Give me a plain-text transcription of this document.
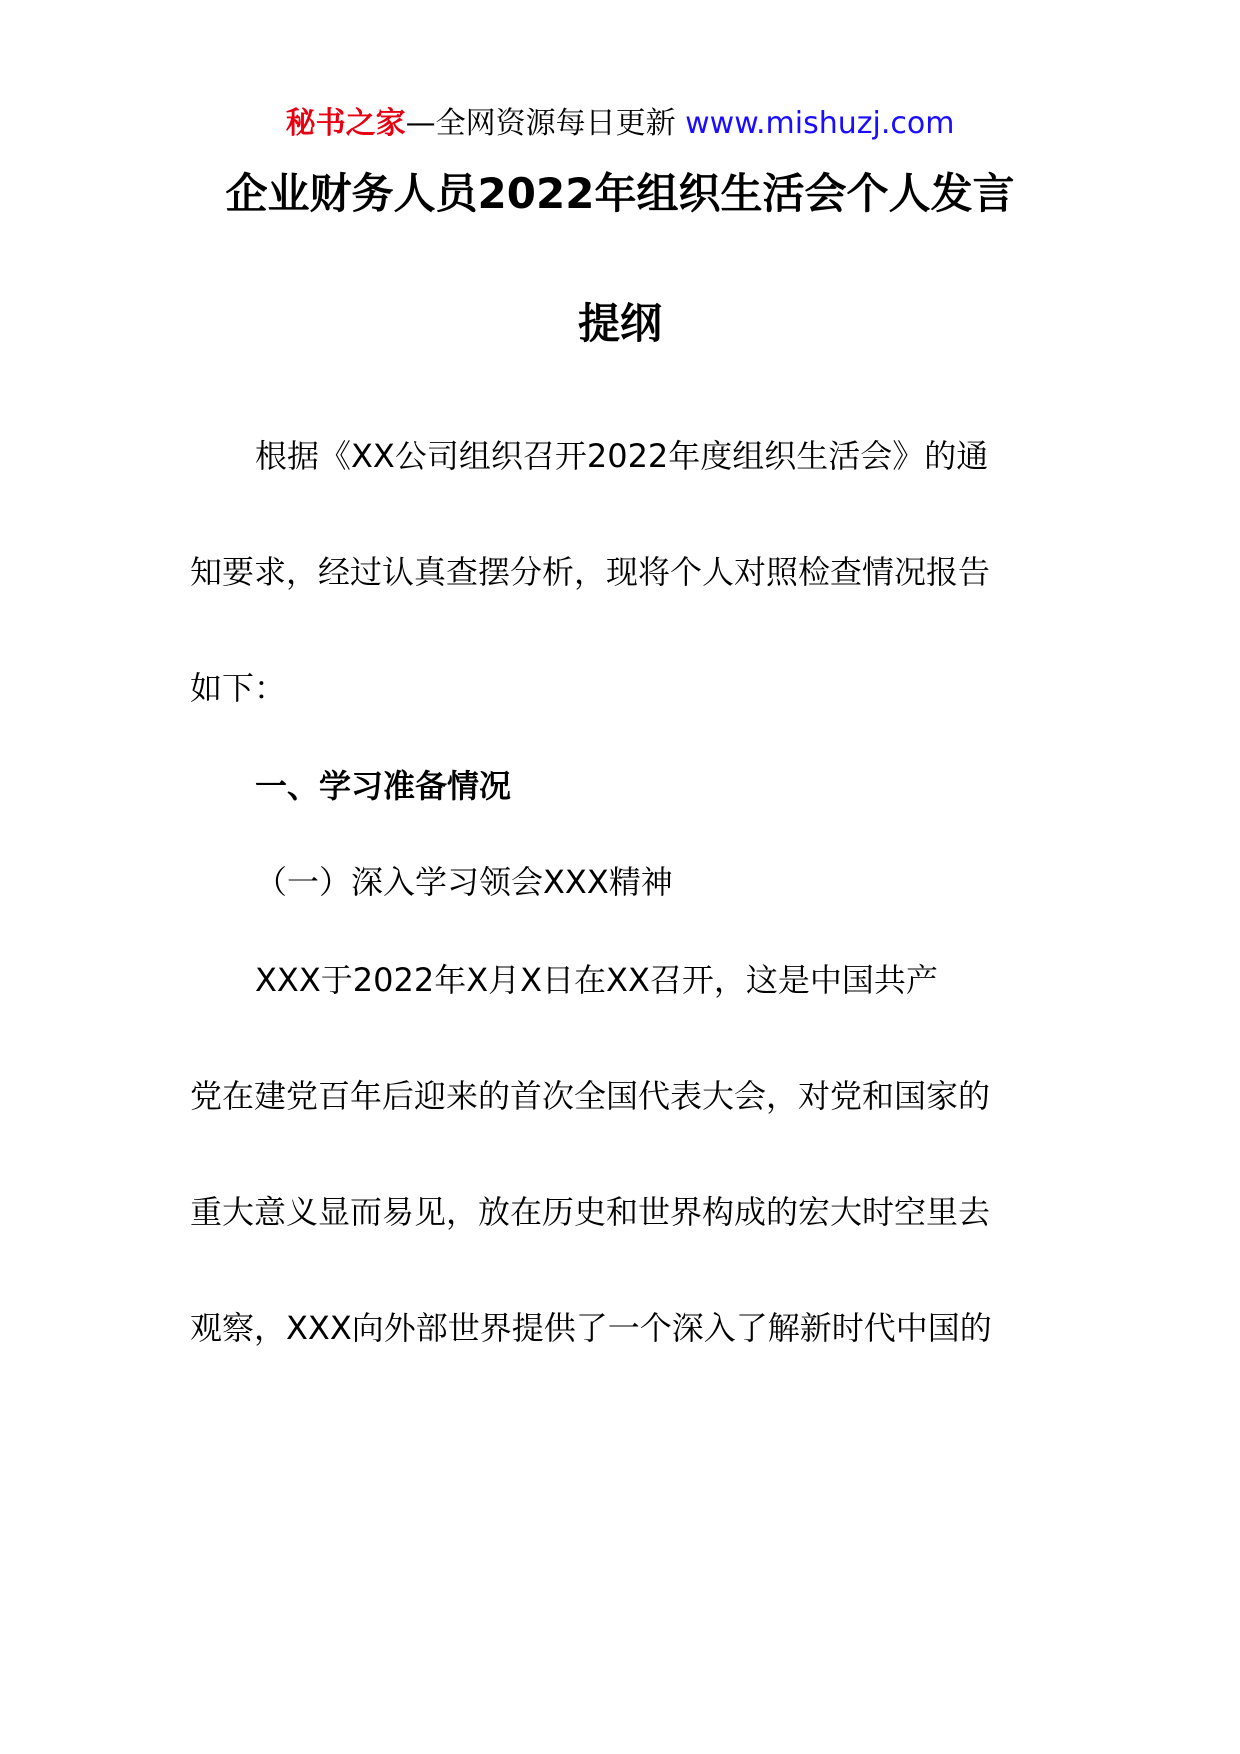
秘书之家—全网资源每日更新 www.mishuzj.com
企业财务人员2022年组织生活会个人发言
提纲
根据《XX公司组织召开2022年度组织生活会》的通
知要求，经过认真查摆分析，现将个人对照检查情况报告
如下：
一、学习准备情况
（一）深入学习领会XXX精神
XXX于2022年X月X日在XX召开，这是中国共产
党在建党百年后迎来的首次全国代表大会，对党和国家的
重大意义显而易见，放在历史和世界构成的宏大时空里去
观察，XXX向外部世界提供了一个深入了解新时代中国的
